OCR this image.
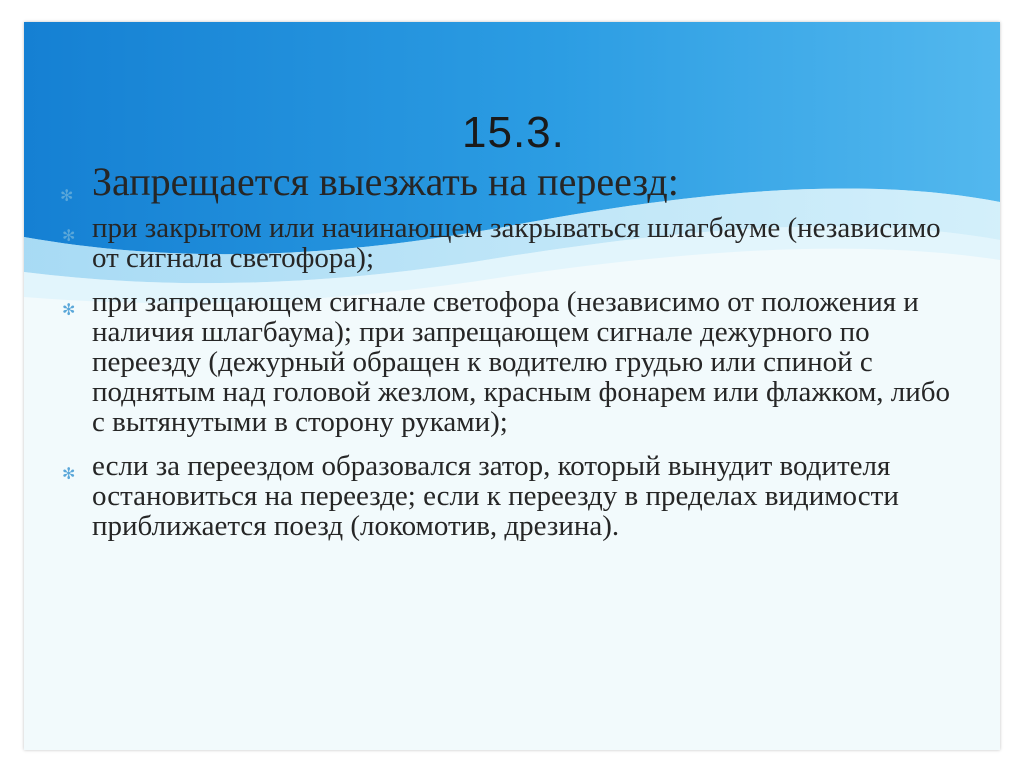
15.3.
✻ Запрещается выезжать на переезд:
✻ при закрытом или начинающем закрываться шлагбауме (независимо от сигнала светофора);
✻ при запрещающем сигнале светофора (независимо от положения и наличия шлагбаума); при запрещающем сигнале дежурного по переезду (дежурный обращен к водителю грудью или спиной с поднятым над головой жезлом, красным фонарем или флажком, либо с вытянутыми в сторону руками);
✻ если за переездом образовался затор, который вынудит водителя остановиться на переезде; если к переезду в пределах видимости приближается поезд (локомотив, дрезина).
